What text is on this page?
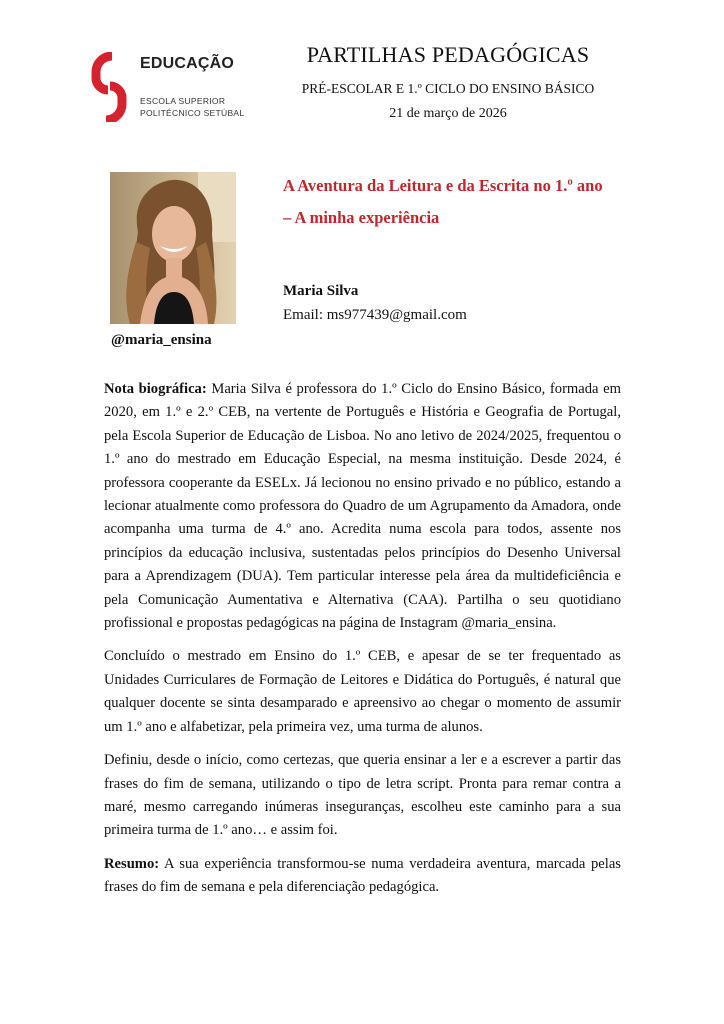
EDUCAÇÃO
ESCOLA SUPERIOR
POLITÉCNICO SETÚBAL
PARTILHAS PEDAGÓGICAS
PRÉ-ESCOLAR E 1.º CICLO DO ENSINO BÁSICO
21 de março de 2026
@maria_ensina
A Aventura da Leitura e da Escrita no 1.º ano – A minha experiência
Maria Silva
Email: ms977439@gmail.com

Nota biográfica: Maria Silva é professora do 1.º Ciclo do Ensino Básico, formada em 2020, em 1.º e 2.º CEB, na vertente de Português e História e Geografia de Portugal, pela Escola Superior de Educação de Lisboa. No ano letivo de 2024/2025, frequentou o 1.º ano do mestrado em Educação Especial, na mesma instituição. Desde 2024, é professora cooperante da ESELx. Já lecionou no ensino privado e no público, estando a lecionar atualmente como professora do Quadro de um Agrupamento da Amadora, onde acompanha uma turma de 4.º ano. Acredita numa escola para todos, assente nos princípios da educação inclusiva, sustentadas pelos princípios do Desenho Universal para a Aprendizagem (DUA). Tem particular interesse pela área da multideficiência e pela Comunicação Aumentativa e Alternativa (CAA). Partilha o seu quotidiano profissional e propostas pedagógicas na página de Instagram @maria_ensina.

Concluído o mestrado em Ensino do 1.º CEB, e apesar de se ter frequentado as Unidades Curriculares de Formação de Leitores e Didática do Português, é natural que qualquer docente se sinta desamparado e apreensivo ao chegar o momento de assumir um 1.º ano e alfabetizar, pela primeira vez, uma turma de alunos.

Definiu, desde o início, como certezas, que queria ensinar a ler e a escrever a partir das frases do fim de semana, utilizando o tipo de letra script. Pronta para remar contra a maré, mesmo carregando inúmeras inseguranças, escolheu este caminho para a sua primeira turma de 1.º ano… e assim foi.

Resumo: A sua experiência transformou-se numa verdadeira aventura, marcada pelas frases do fim de semana e pela diferenciação pedagógica.
